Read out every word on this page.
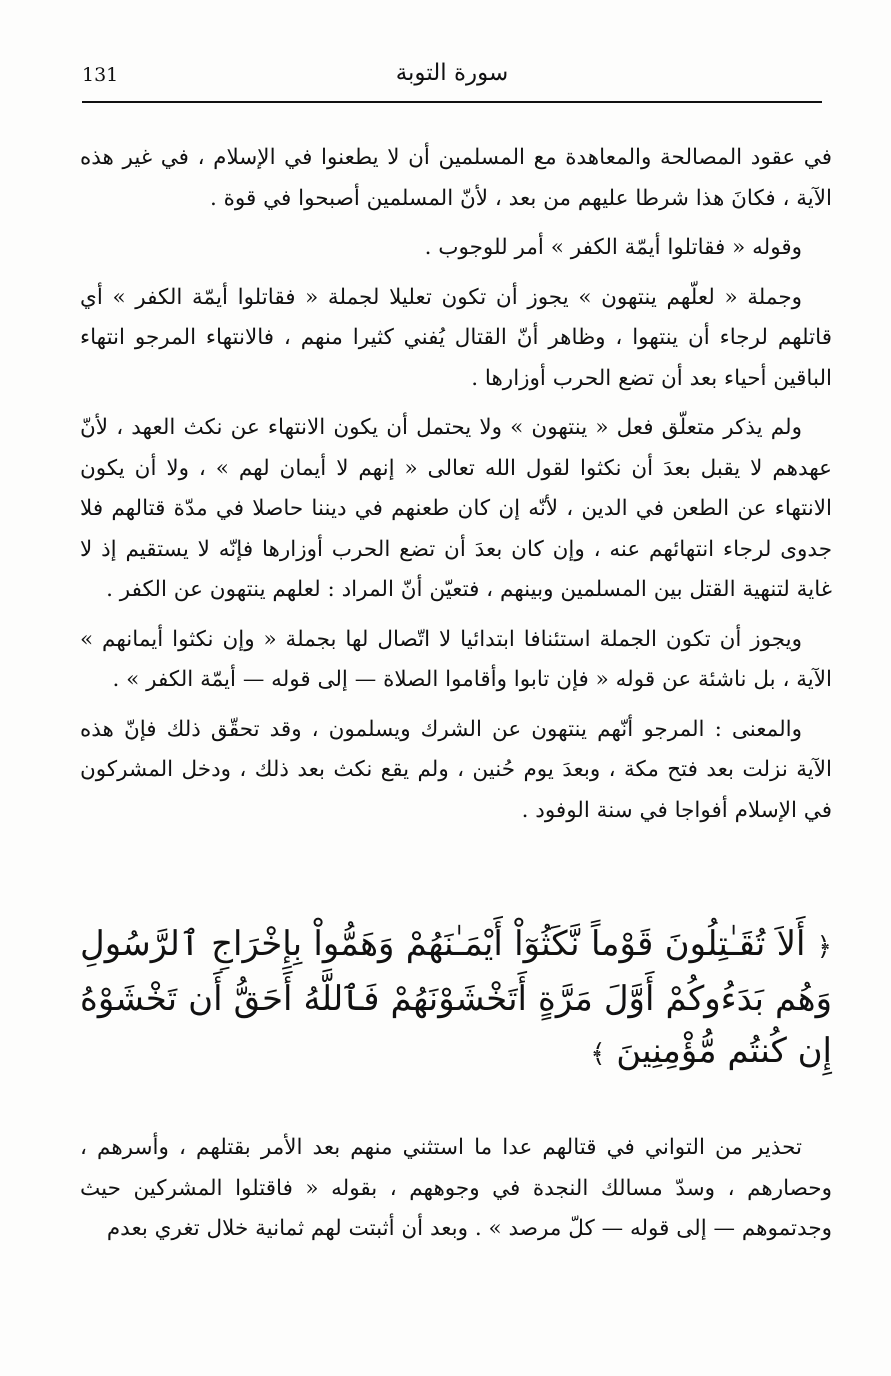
131	سورة التوبة

في عقود المصالحة والمعاهدة مع المسلمين أن لا يطعنوا في الإسلام ، في غير هذه الآية ، فكانَ هذا شرطا عليهم من بعد ، لأنّ المسلمين أصبحوا في قوة .

وقوله « فقاتلوا أيمّة الكفر » أمر للوجوب .

وجملة « لعلّهم ينتهون » يجوز أن تكون تعليلا لجملة « فقاتلوا أيمّة الكفر » أي قاتلهم لرجاء أن ينتهوا ، وظاهر أنّ القتال يُفني كثيرا منهم ، فالانتهاء المرجو انتهاء الباقين أحياء بعد أن تضع الحرب أوزارها .

ولم يذكر متعلّق فعل « ينتهون » ولا يحتمل أن يكون الانتهاء عن نكث العهد ، لأنّ عهدهم لا يقبل بعدَ أن نكثوا لقول الله تعالى « إنهم لا أيمان لهم » ، ولا أن يكون الانتهاء عن الطعن في الدين ، لأنّه إن كان طعنهم في ديننا حاصلا في مدّة قتالهم فلا جدوى لرجاء انتهائهم عنه ، وإن كان بعدَ أن تضع الحرب أوزارها فإنّه لا يستقيم إذ لا غاية لتنهية القتل بين المسلمين وبينهم ، فتعيّن أنّ المراد : لعلهم ينتهون عن الكفر .

ويجوز أن تكون الجملة استئنافا ابتدائيا لا اتّصال لها بجملة « وإن نكثوا أيمانهم » الآية ، بل ناشئة عن قوله « فإن تابوا وأقاموا الصلاة — إلى قوله — أيمّة الكفر » .

والمعنى : المرجو أنّهم ينتهون عن الشرك ويسلمون ، وقد تحقّق ذلك فإنّ هذه الآية نزلت بعد فتح مكة ، وبعدَ يوم حُنين ، ولم يقع نكث بعد ذلك ، ودخل المشركون في الإسلام أفواجا في سنة الوفود .

﴿ أَلاَ تُقَـٰتِلُونَ قَوْماً نَّكَثُوٓاْ أَيْمَـٰنَهُمْ وَهَمُّواْ بِإِخْرَاجِ ٱلرَّسُولِ وَهُم بَدَءُوكُمْ أَوَّلَ مَرَّةٍ أَتَخْشَوْنَهُمْ فَٱللَّهُ أَحَقُّ أَن تَخْشَوْهُ إِن كُنتُم مُّؤْمِنِينَ ﴾

تحذير من التواني في قتالهم عدا ما استثني منهم بعد الأمر بقتلهم ، وأسرهم ، وحصارهم ، وسدّ مسالك النجدة في وجوههم ، بقوله « فاقتلوا المشركين حيث وجدتموهم — إلى قوله — كلّ مرصد » . وبعد أن أثبتت لهم ثمانية خلال تغري بعدم
